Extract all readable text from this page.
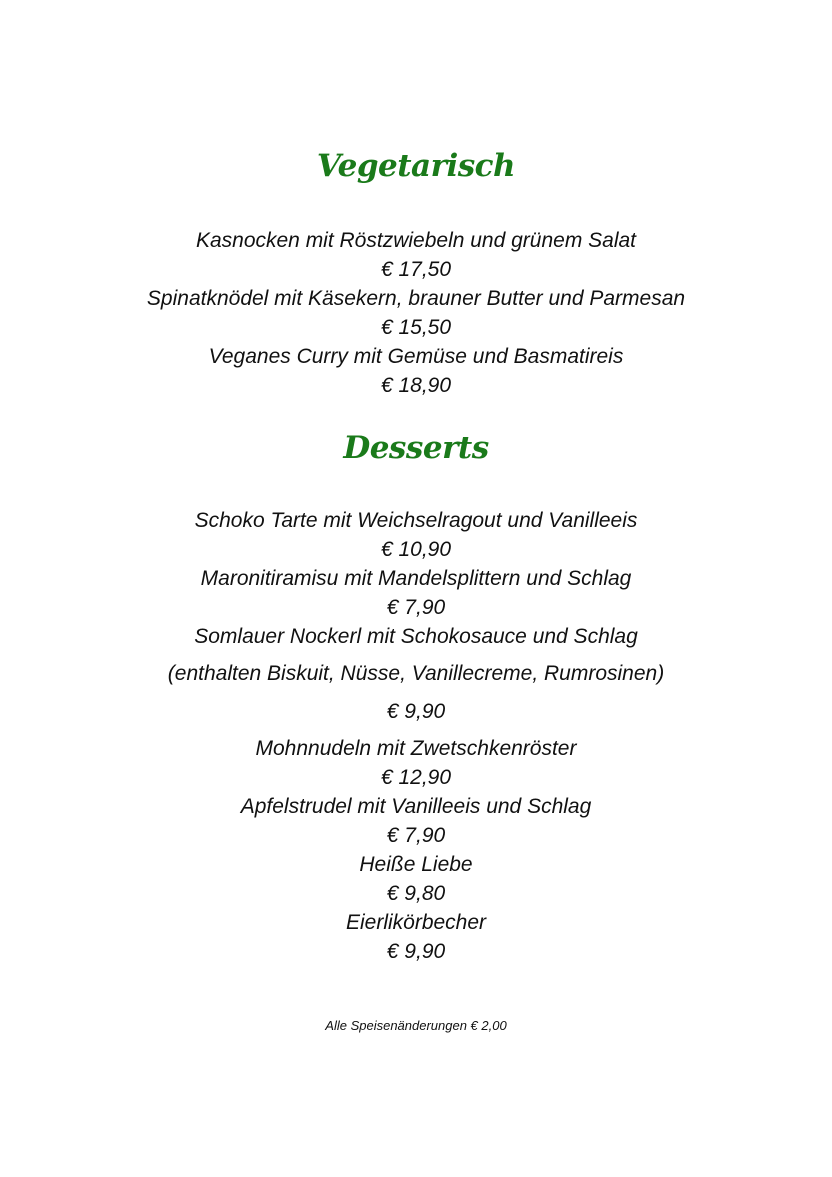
Vegetarisch
Kasnocken mit Röstzwiebeln und grünem Salat
€ 17,50
Spinatknödel mit Käsekern, brauner Butter und Parmesan
€ 15,50
Veganes Curry mit Gemüse und Basmatireis
€ 18,90
Desserts
Schoko Tarte mit Weichselragout und Vanilleeis
€ 10,90
Maronitiramisu mit Mandelsplittern und Schlag
€ 7,90
Somlauer Nockerl mit Schokosauce und Schlag
(enthalten Biskuit, Nüsse, Vanillecreme, Rumrosinen)
€ 9,90
Mohnnudeln mit Zwetschkenröster
€ 12,90
Apfelstrudel mit Vanilleeis und Schlag
€ 7,90
Heiße Liebe
€ 9,80
Eierlikörbecher
€ 9,90
Alle Speisenänderungen € 2,00
